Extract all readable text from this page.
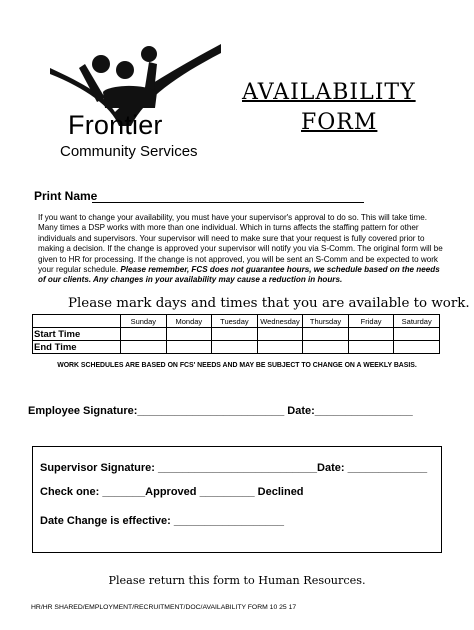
Frontier
Community Services
AVAILABILITY
FORM
Print Name
If you want to change your availability, you must have your supervisor's approval to do so. This will take time. Many times a DSP works with more than one individual. Which in turns affects the staffing pattern for other individuals and supervisors. Your supervisor will need to make sure that your request is fully covered prior to making a decision. If the change is approved your supervisor will notify you via S-Comm. The original form will be given to HR for processing. If the change is not approved, you will be sent an S-Comm and be expected to work your regular schedule. Please remember, FCS does not guarantee hours, we schedule based on the needs of our clients. Any changes in your availability may cause a reduction in hours.
Please mark days and times that you are available to work.
	Sunday	Monday	Tuesday	Wednesday	Thursday	Friday	Saturday
Start Time							
End Time							
WORK SCHEDULES ARE BASED ON FCS' NEEDS AND MAY BE SUBJECT TO CHANGE ON A WEEKLY BASIS.
Employee Signature:________________________ Date:________________
Supervisor Signature: __________________________Date: _____________
Check one: _______Approved _________ Declined
Date Change is effective: __________________
Please return this form to Human Resources.
HR/HR SHARED/EMPLOYMENT/RECRUITMENT/DOC/AVAILABILITY FORM 10 25 17
